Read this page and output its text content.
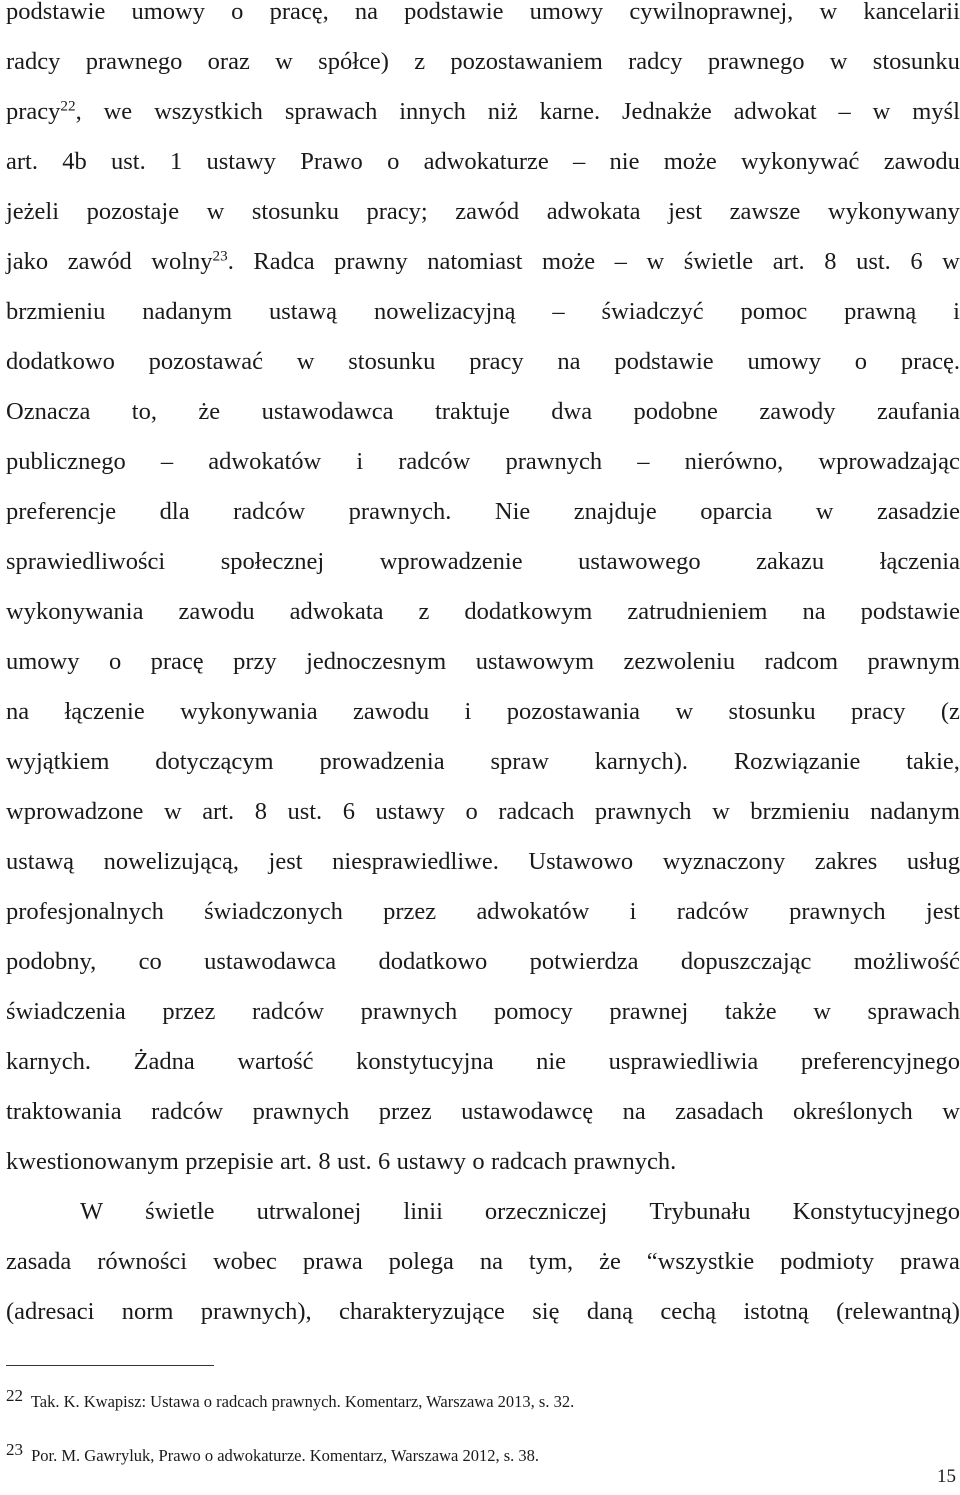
podstawie umowy o pracę, na podstawie umowy cywilnoprawnej, w kancelarii
radcy prawnego oraz w spółce) z pozostawaniem radcy prawnego w stosunku
pracy$^{22}$, we wszystkich sprawach innych niż karne. Jednakże adwokat – w myśl
art. 4b ust. 1 ustawy Prawo o adwokaturze – nie może wykonywać zawodu
jeżeli pozostaje w stosunku pracy; zawód adwokata jest zawsze wykonywany
jako zawód wolny$^{23}$. Radca prawny natomiast może – w świetle art. 8 ust. 6 w
brzmieniu nadanym ustawą nowelizacyjną – świadczyć pomoc prawną i
dodatkowo pozostawać w stosunku pracy na podstawie umowy o pracę.
Oznacza to, że ustawodawca traktuje dwa podobne zawody zaufania
publicznego – adwokatów i radców prawnych – nierówno, wprowadzając
preferencje dla radców prawnych. Nie znajduje oparcia w zasadzie
sprawiedliwości społecznej wprowadzenie ustawowego zakazu łączenia
wykonywania zawodu adwokata z dodatkowym zatrudnieniem na podstawie
umowy o pracę przy jednoczesnym ustawowym zezwoleniu radcom prawnym
na łączenie wykonywania zawodu i pozostawania w stosunku pracy (z
wyjątkiem dotyczącym prowadzenia spraw karnych). Rozwiązanie takie,
wprowadzone w art. 8 ust. 6 ustawy o radcach prawnych w brzmieniu nadanym
ustawą nowelizującą, jest niesprawiedliwe. Ustawowo wyznaczony zakres usług
profesjonalnych świadczonych przez adwokatów i radców prawnych jest
podobny, co ustawodawca dodatkowo potwierdza dopuszczając możliwość
świadczenia przez radców prawnych pomocy prawnej także w sprawach
karnych. Żadna wartość konstytucyjna nie usprawiedliwia preferencyjnego
traktowania radców prawnych przez ustawodawcę na zasadach określonych w
kwestionowanym przepisie art. 8 ust. 6 ustawy o radcach prawnych.
W świetle utrwalonej linii orzeczniczej Trybunału Konstytucyjnego
zasada równości wobec prawa polega na tym, że “wszystkie podmioty prawa
(adresaci norm prawnych), charakteryzujące się daną cechą istotną (relewantną)
22 Tak. K. Kwapisz: Ustawa o radcach prawnych. Komentarz, Warszawa 2013, s. 32.
23 Por. M. Gawryluk, Prawo o adwokaturze. Komentarz, Warszawa 2012, s. 38.
15
